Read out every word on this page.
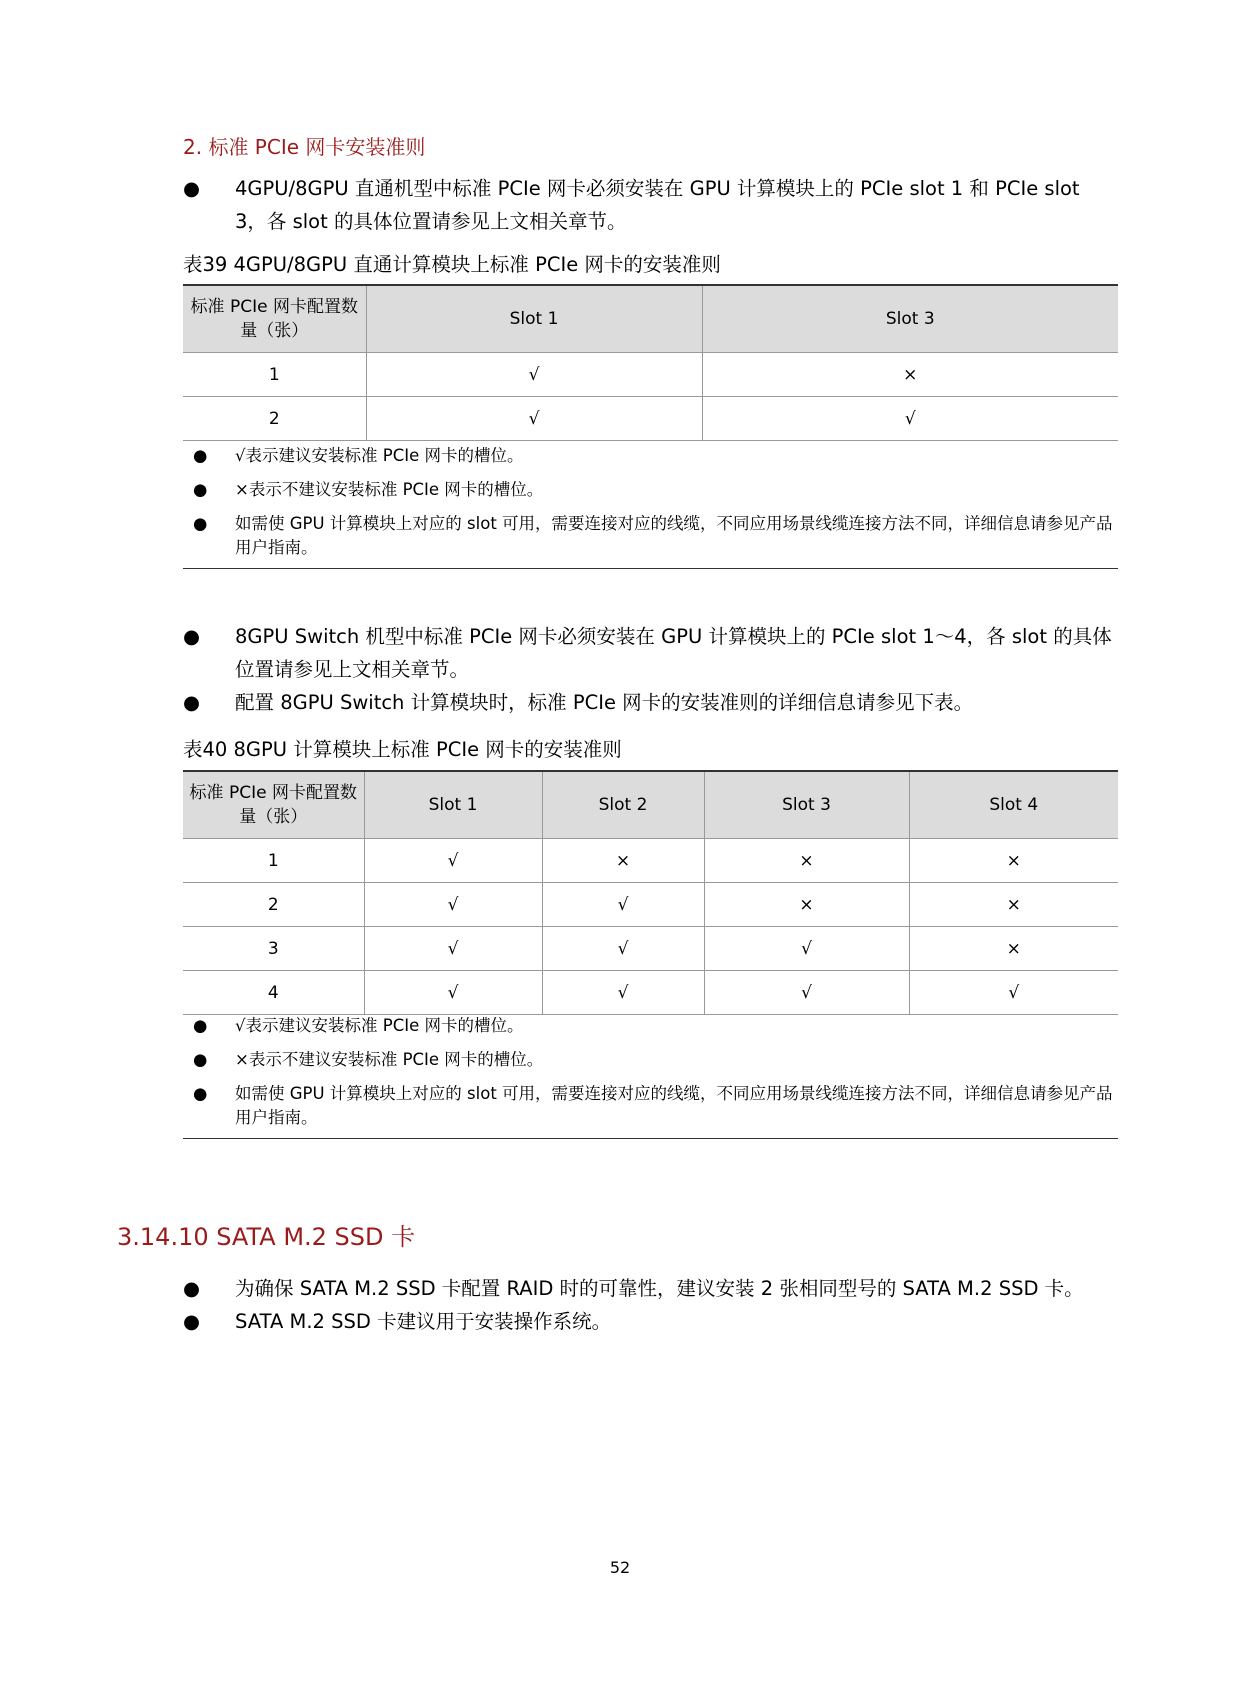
2. 标准 PCIe 网卡安装准则
● 4GPU/8GPU 直通机型中标准 PCIe 网卡必须安装在 GPU 计算模块上的 PCIe slot 1 和 PCIe slot 3，各 slot 的具体位置请参见上文相关章节。
表39 4GPU/8GPU 直通计算模块上标准 PCIe 网卡的安装准则
标准 PCIe 网卡配置数量（张）	Slot 1	Slot 3
1	√	×
2	√	√
● √表示建议安装标准 PCIe 网卡的槽位。
● ×表示不建议安装标准 PCIe 网卡的槽位。
● 如需使 GPU 计算模块上对应的 slot 可用，需要连接对应的线缆，不同应用场景线缆连接方法不同，详细信息请参见产品用户指南。
● 8GPU Switch 机型中标准 PCIe 网卡必须安装在 GPU 计算模块上的 PCIe slot 1～4，各 slot 的具体位置请参见上文相关章节。
● 配置 8GPU Switch 计算模块时，标准 PCIe 网卡的安装准则的详细信息请参见下表。
表40 8GPU 计算模块上标准 PCIe 网卡的安装准则
标准 PCIe 网卡配置数量（张）	Slot 1	Slot 2	Slot 3	Slot 4
1	√	×	×	×
2	√	√	×	×
3	√	√	√	×
4	√	√	√	√
● √表示建议安装标准 PCIe 网卡的槽位。
● ×表示不建议安装标准 PCIe 网卡的槽位。
● 如需使 GPU 计算模块上对应的 slot 可用，需要连接对应的线缆，不同应用场景线缆连接方法不同，详细信息请参见产品用户指南。
3.14.10 SATA M.2 SSD 卡
● 为确保 SATA M.2 SSD 卡配置 RAID 时的可靠性，建议安装 2 张相同型号的 SATA M.2 SSD 卡。
● SATA M.2 SSD 卡建议用于安装操作系统。
52
